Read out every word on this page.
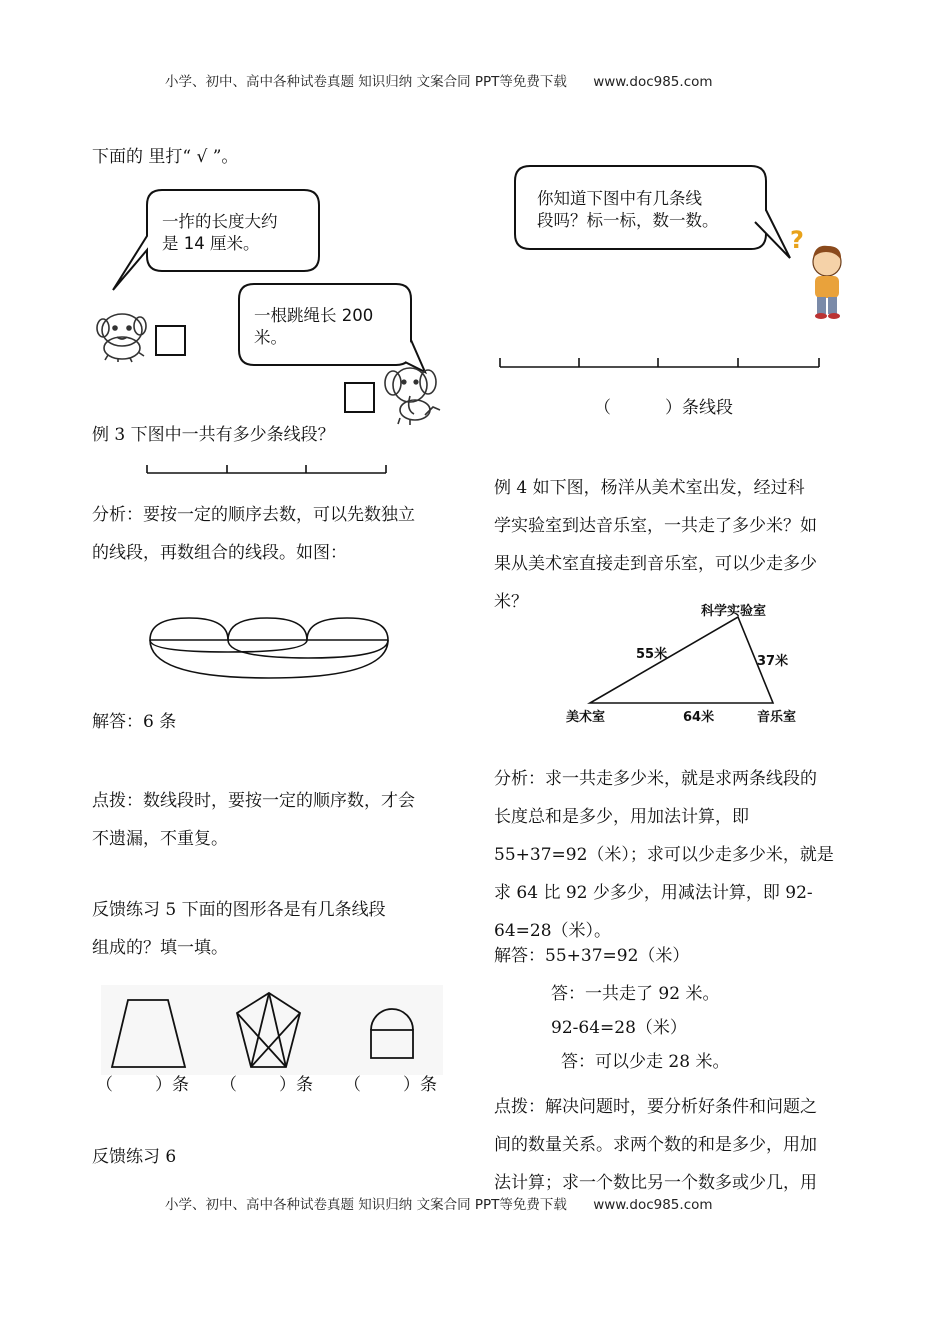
小学、初中、高中各种试卷真题 知识归纳 文案合同 PPT等免费下载 www.doc985.com
小学、初中、高中各种试卷真题 知识归纳 文案合同 PPT等免费下载 www.doc985.com
下面的 里打“ √ ”。
一拃的长度大约
是 14 厘米。
一根跳绳长 200
米。
例 3 下图中一共有多少条线段？
分析：要按一定的顺序去数，可以先数独立
的线段，再数组合的线段。如图：
解答：6 条
点拨：数线段时，要按一定的顺序数，才会
不遗漏，不重复。
反馈练习 5 下面的图形各是有几条线段
组成的？填一填。
（ ）条 （ ）条 （ ）条
反馈练习 6
?
你知道下图中有几条线
段吗？标一标，数一数。
（          ）条线段
例 4 如下图，杨洋从美术室出发，经过科
学实验室到达音乐室，一共走了多少米？如
果从美术室直接走到音乐室，可以少走多少
米？	科学实验室
美术室	音乐室
55米	37米
64米
分析：求一共走多少米，就是求两条线段的
长度总和是多少，用加法计算，即
55+37=92（米）；求可以少走多少米，就是
求 64 比 92 少多少，用减法计算，即 92-
64=28（米）。
解答：55+37=92（米）
答：一共走了 92 米。
92-64=28（米）
答：可以少走 28 米。
点拨：解决问题时，要分析好条件和问题之
间的数量关系。求两个数的和是多少，用加
法计算；求一个数比另一个数多或少几，用
